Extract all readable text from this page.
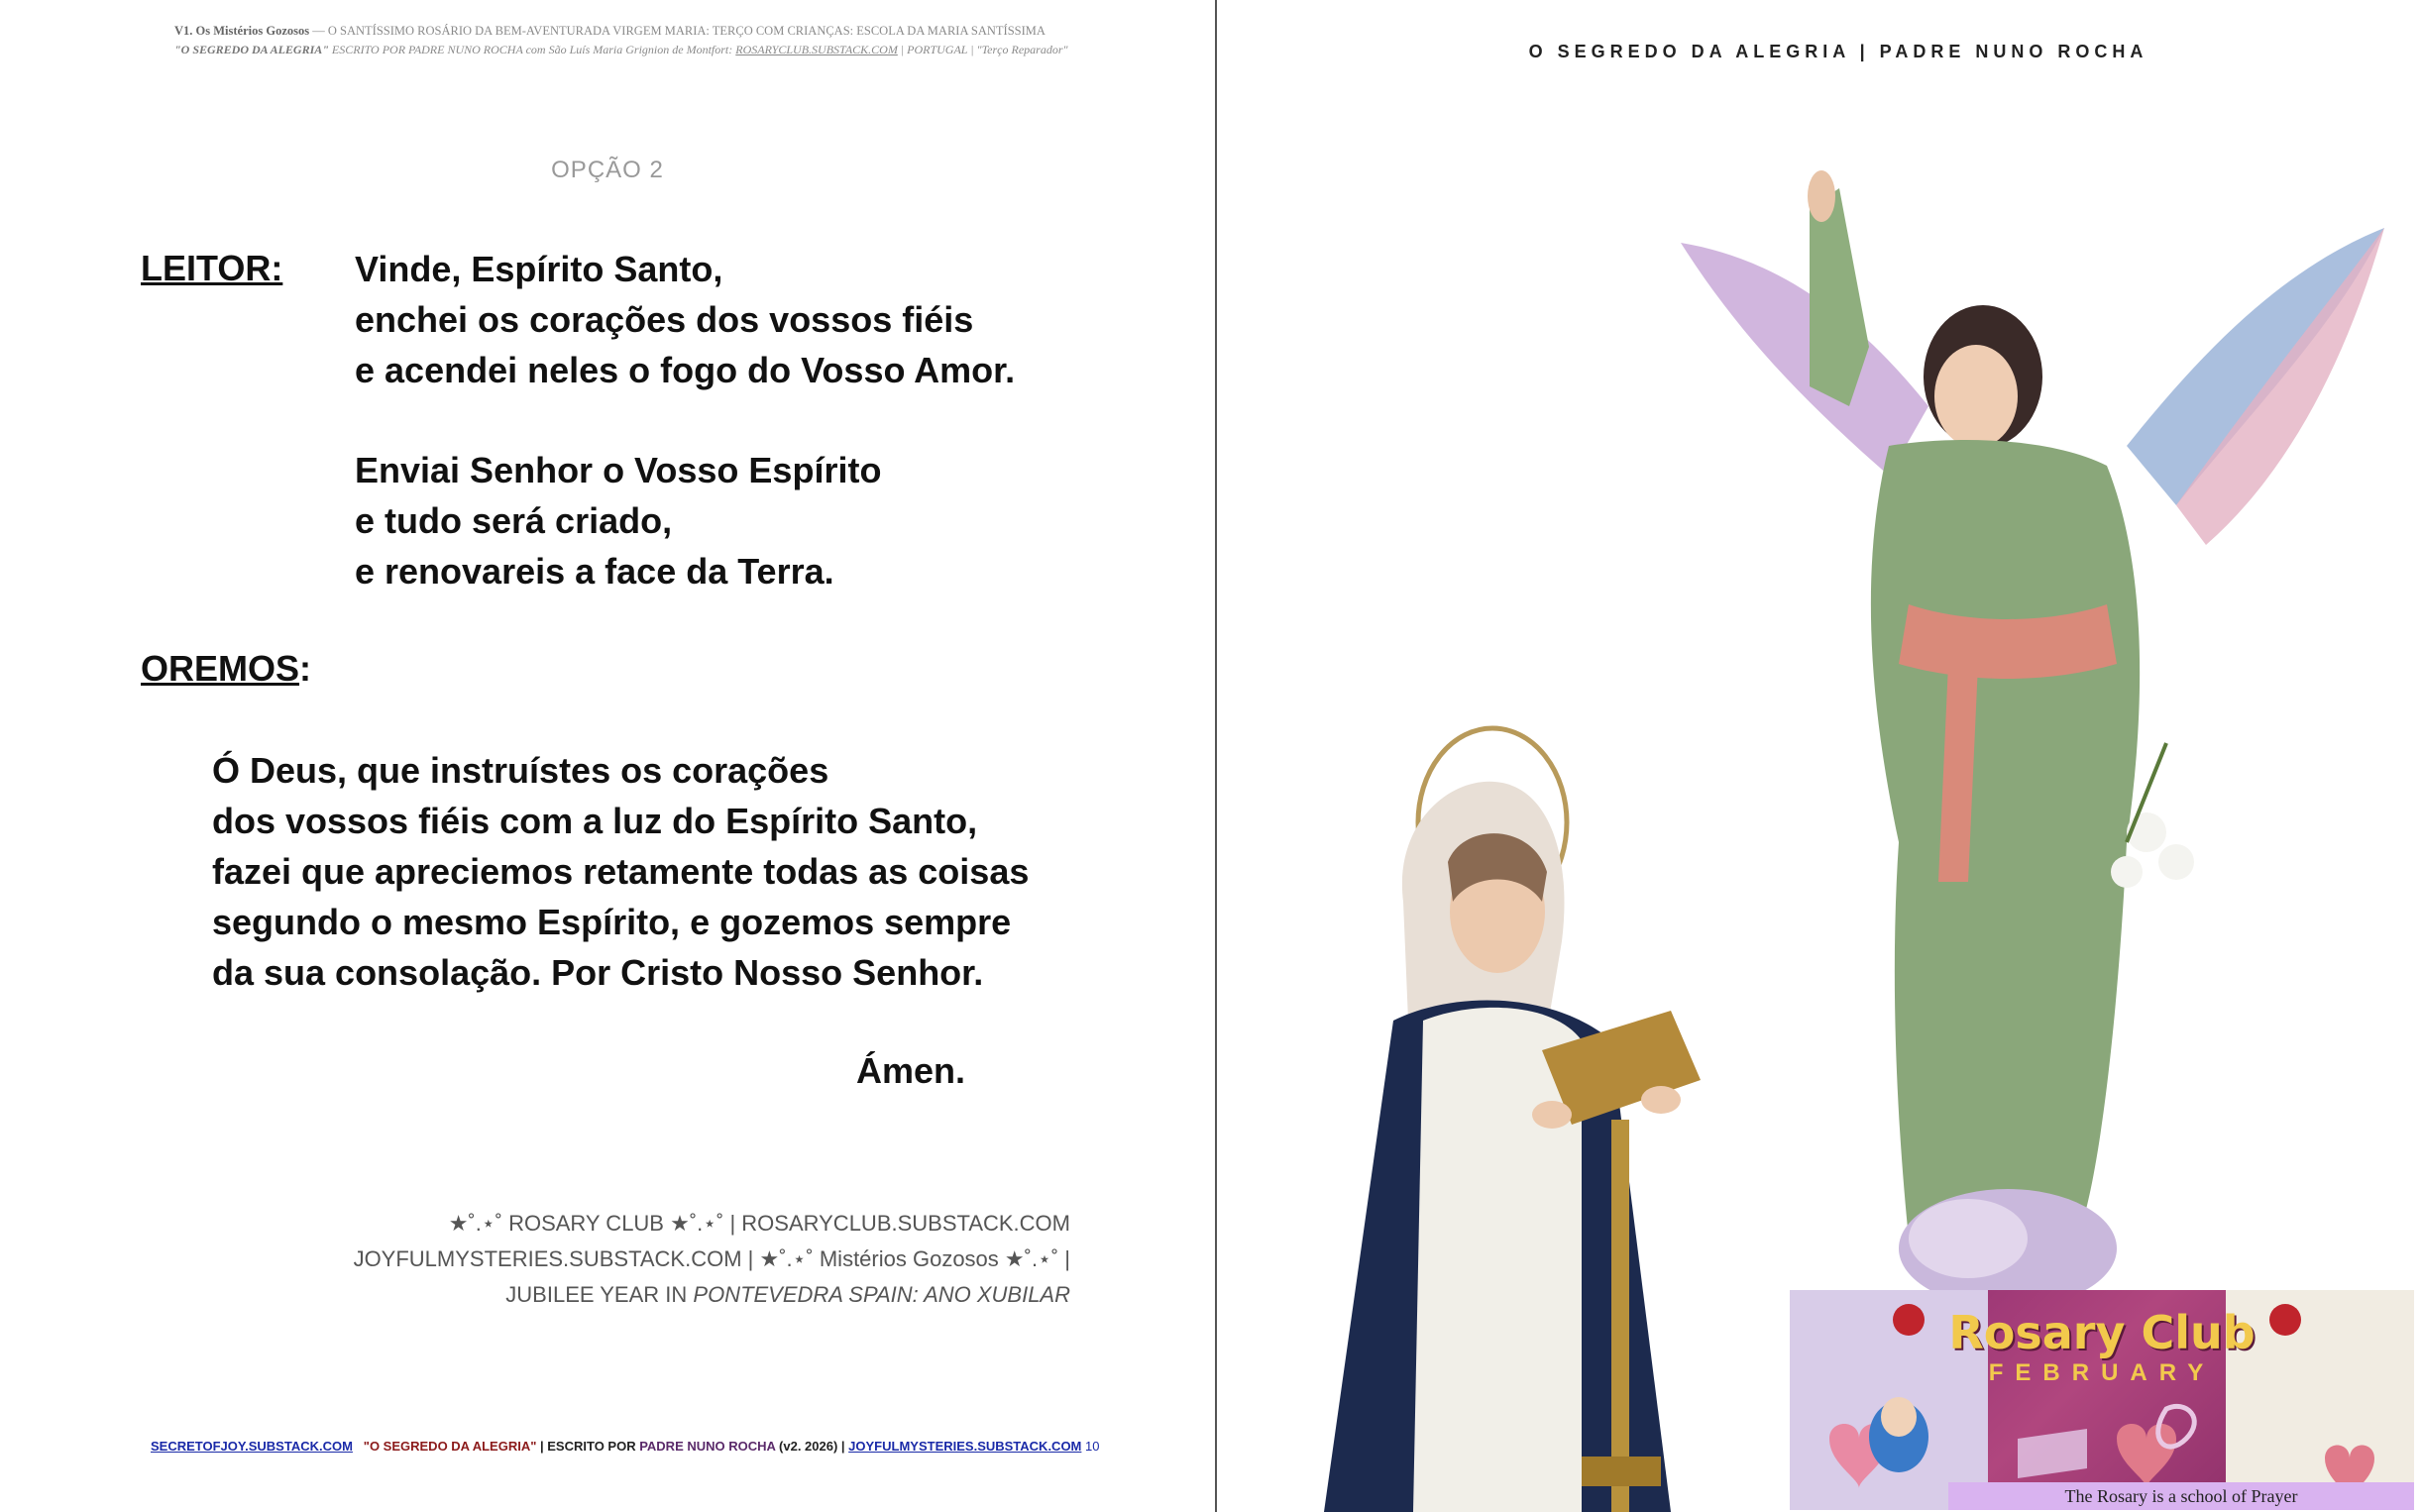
V1. Os Mistérios Gozosos — O SANTÍSSIMO ROSÁRIO DA BEM-AVENTURADA VIRGEM MARIA: TERÇO COM CRIANÇAS: ESCOLA DA MARIA SANTÍSSIMA
"O SEGREDO DA ALEGRIA" ESCRITO POR PADRE NUNO ROCHA com São Luís Maria Grignion de Montfort: ROSARYCLUB.SUBSTACK.COM | PORTUGAL | "Terço Reparador"
OPÇÃO 2
LEITOR: Vinde, Espírito Santo,
enchei os corações dos vossos fiéis
e acendei neles o fogo do Vosso Amor.
Enviai Senhor o Vosso Espírito
e tudo será criado,
e renovareis a face da Terra.
OREMOS:
Ó Deus, que instruístes os corações
dos vossos fiéis com a luz do Espírito Santo,
fazei que apreciemos retamente todas as coisas
segundo o mesmo Espírito, e gozemos sempre
da sua consolação. Por Cristo Nosso Senhor.
Ámen.
★˚.⋆˚ ROSARY CLUB ★˚.⋆˚ | ROSARYCLUB.SUBSTACK.COM
JOYFULMYSTERIES.SUBSTACK.COM | ★˚.⋆˚ Mistérios Gozosos ★˚.⋆˚ |
JUBILEE YEAR IN PONTEVEDRA SPAIN: ANO XUBILAR
SECRETOFJOY.SUBSTACK.COM "O SEGREDO DA ALEGRIA" | ESCRITO POR PADRE NUNO ROCHA (v2. 2026) | JOYFULMYSTERIES.SUBSTACK.COM 10
O SEGREDO DA ALEGRIA | PADRE NUNO ROCHA
Rosary Club
FEBRUARY
The Rosary is a school of Prayer
